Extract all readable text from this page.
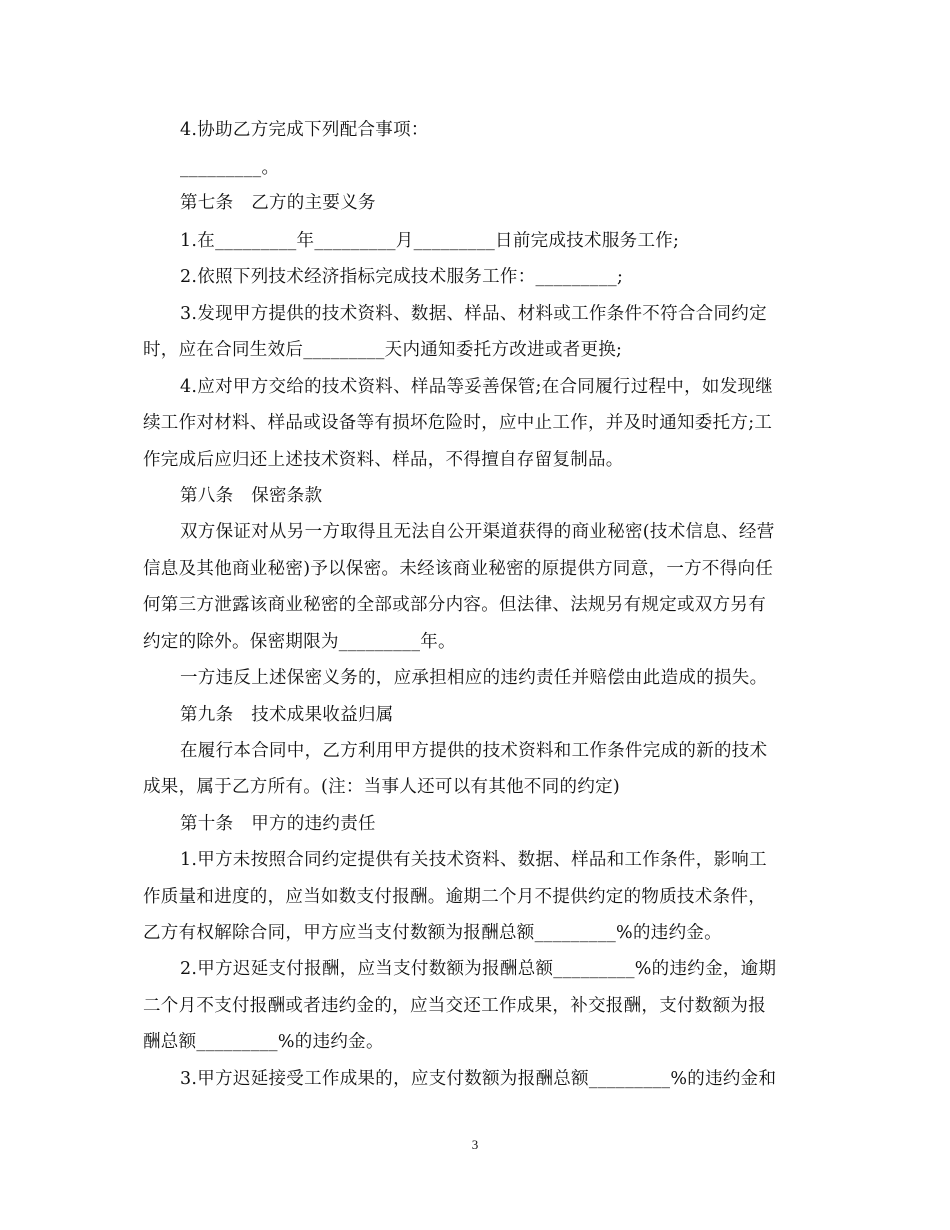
4.协助乙方完成下列配合事项：
_________。
第七条　乙方的主要义务
1.在_________年_________月_________日前完成技术服务工作;
2.依照下列技术经济指标完成技术服务工作：_________;
3.发现甲方提供的技术资料、数据、样品、材料或工作条件不符合合同约定
时，应在合同生效后_________天内通知委托方改进或者更换;
4.应对甲方交给的技术资料、样品等妥善保管;在合同履行过程中，如发现继
续工作对材料、样品或设备等有损坏危险时，应中止工作，并及时通知委托方;工
作完成后应归还上述技术资料、样品，不得擅自存留复制品。
第八条　保密条款
双方保证对从另一方取得且无法自公开渠道获得的商业秘密(技术信息、经营
信息及其他商业秘密)予以保密。未经该商业秘密的原提供方同意，一方不得向任
何第三方泄露该商业秘密的全部或部分内容。但法律、法规另有规定或双方另有
约定的除外。保密期限为_________年。
一方违反上述保密义务的，应承担相应的违约责任并赔偿由此造成的损失。
第九条　技术成果收益归属
在履行本合同中，乙方利用甲方提供的技术资料和工作条件完成的新的技术
成果，属于乙方所有。(注：当事人还可以有其他不同的约定)
第十条　甲方的违约责任
1.甲方未按照合同约定提供有关技术资料、数据、样品和工作条件，影响工
作质量和进度的，应当如数支付报酬。逾期二个月不提供约定的物质技术条件，
乙方有权解除合同，甲方应当支付数额为报酬总额_________%的违约金。
2.甲方迟延支付报酬，应当支付数额为报酬总额_________%的违约金，逾期
二个月不支付报酬或者违约金的，应当交还工作成果，补交报酬，支付数额为报
酬总额_________%的违约金。
3.甲方迟延接受工作成果的，应支付数额为报酬总额_________%的违约金和
3
